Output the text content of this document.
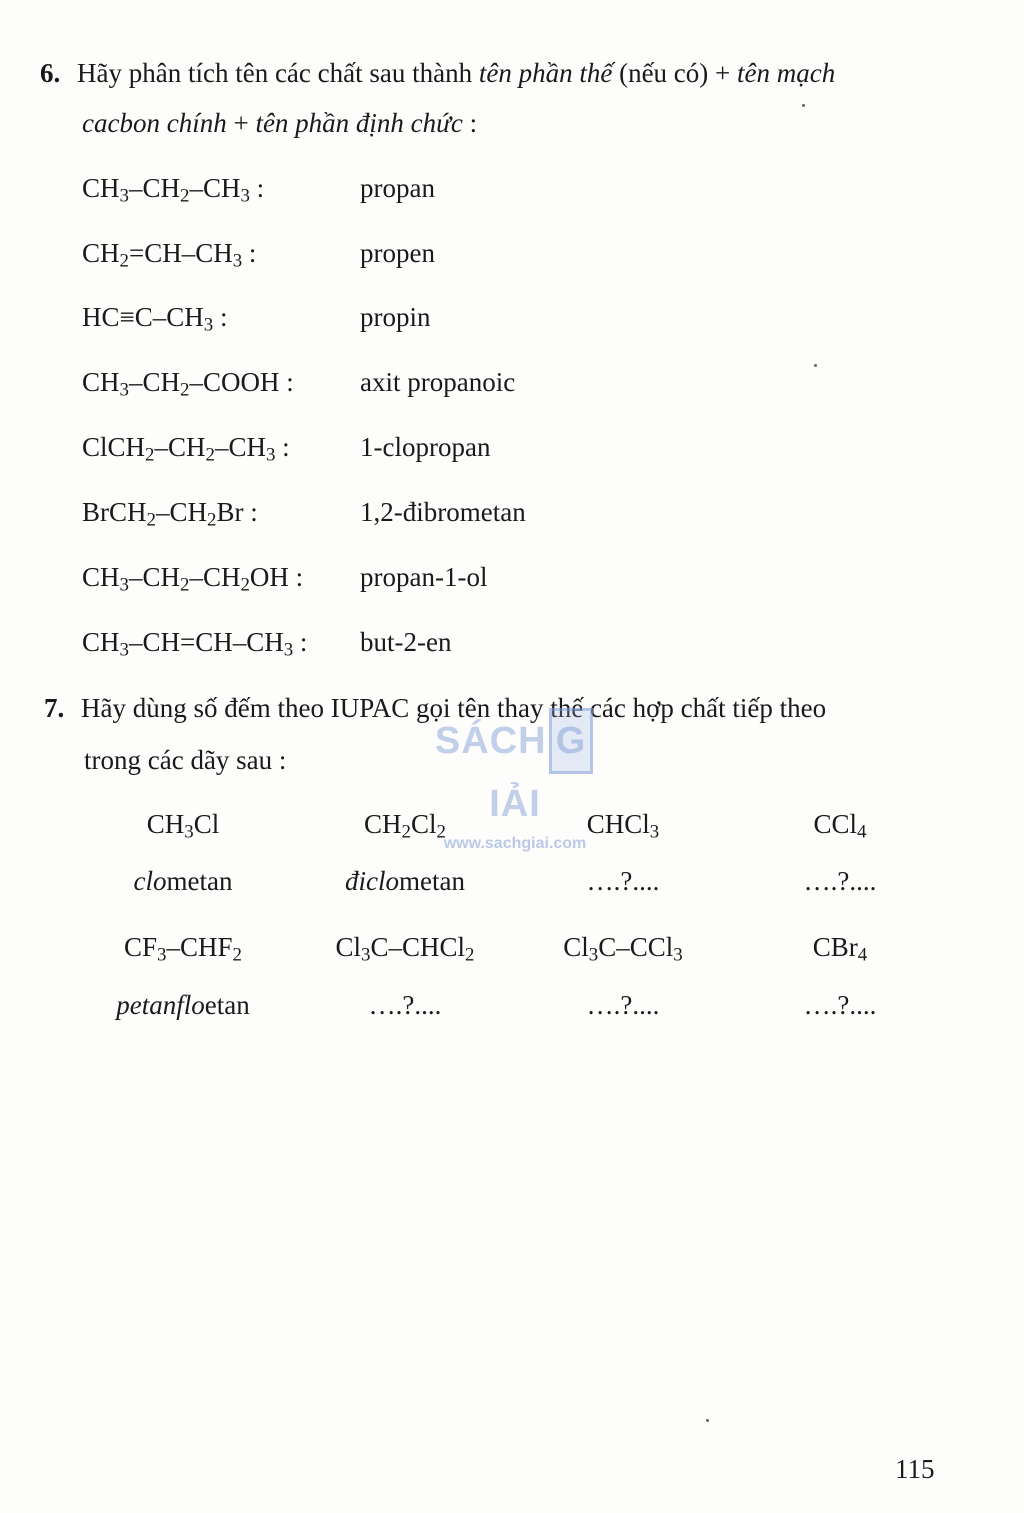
6. Hãy phân tích tên các chất sau thành tên phần thế (nếu có) + tên mạch
cacbon chính + tên phần định chức :
$CH_3-CH_2-CH_3$ :	propan
$CH_2=CH-CH_3$ :	propen
$HC\equiv C-CH_3$ :	propin
$CH_3-CH_2$–COOH : axit propanoic
$ClCH_2-CH_2-CH_3$ :	1-clopropan
$BrCH_2-CH_2Br$ :	1,2-đibrometan
$CH_3-CH_2-CH_2OH$ : propan-1-ol
$CH_3-CH=CH-CH_3$ : but-2-en
7. Hãy dùng số đếm theo IUPAC gọi tên thay thế các hợp chất tiếp theo
trong các dãy sau :
$CH_3Cl$	$CH_2Cl_2$	CHCl$_3$	CCl$_4$
clometan	điclometan	….?....	….?....
$CF_3-CHF_2$	$Cl_3C-CHCl_2$	$Cl_3C-CCl_3$	CBr$_4$
petanfloetan	….?....	….?....	….?....
SÁCH GIẢI
www.sachgiai.com
115
